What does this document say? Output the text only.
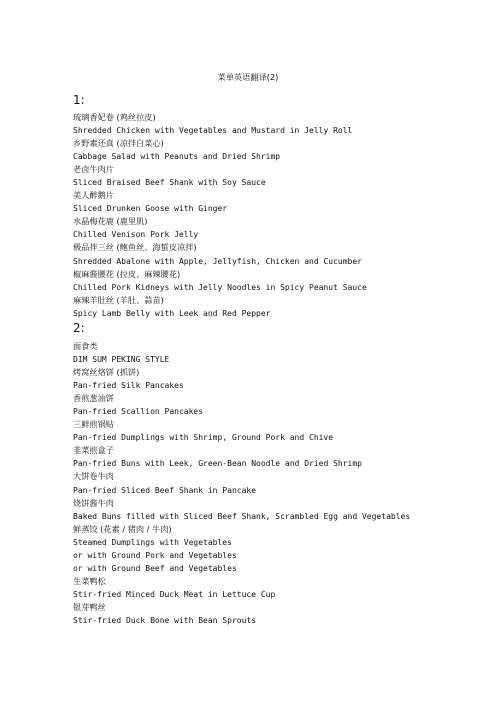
菜单英语翻译(2)
1:
琉璃香妃卷 (鸡丝拉皮)
Shredded Chicken with Vegetables and Mustard in Jelly Roll
乡野素还真 (凉拌白菜心)
Cabbage Salad with Peanuts and Dried Shrimp
老卤牛肉片
Sliced Braised Beef Shank with Soy Sauce
美人醉鹅片
Sliced Drunken Goose with Ginger
水晶梅花鹿 (鹿里肌)
Chilled Venison Pork Jelly
极品拌三丝 (鲍鱼丝、海蜇皮凉拌)
Shredded Abalone with Apple, Jellyfish, Chicken and Cucumber
椒麻酱腰花 (拉皮、麻辣腰花)
Chilled Pork Kidneys with Jelly Noodles in Spicy Peanut Sauce
麻辣羊肚丝 (羊肚、蒜苗)
Spicy Lamb Belly with Leek and Red Pepper
2:
面食类
DIM SUM PEKING STYLE
烤窝丝烙饼 (抓饼)
Pan-fried Silk Pancakes
香煎葱油饼
Pan-fried Scallion Pancakes
三鲜煎锅贴
Pan-fried Dumplings with Shrimp, Ground Pork and Chive
韭菜煎盒子
Pan-fried Buns with Leek, Green-Bean Noodle and Dried Shrimp
大饼卷牛肉
Pan-fried Sliced Beef Shank in Pancake
烧饼酱牛肉
Baked Buns filled with Sliced Beef Shank, Scrambled Egg and Vegetables
鲜蒸饺 (花素 / 猪肉 / 牛肉)
Steamed Dumplings with Vegetables
or with Ground Pork and Vegetables
or with Ground Beef and Vegetables
生菜鸭松
Stir-fried Minced Duck Meat in Lettuce Cup
银芽鸭丝
Stir-fried Duck Bone with Bean Sprouts
